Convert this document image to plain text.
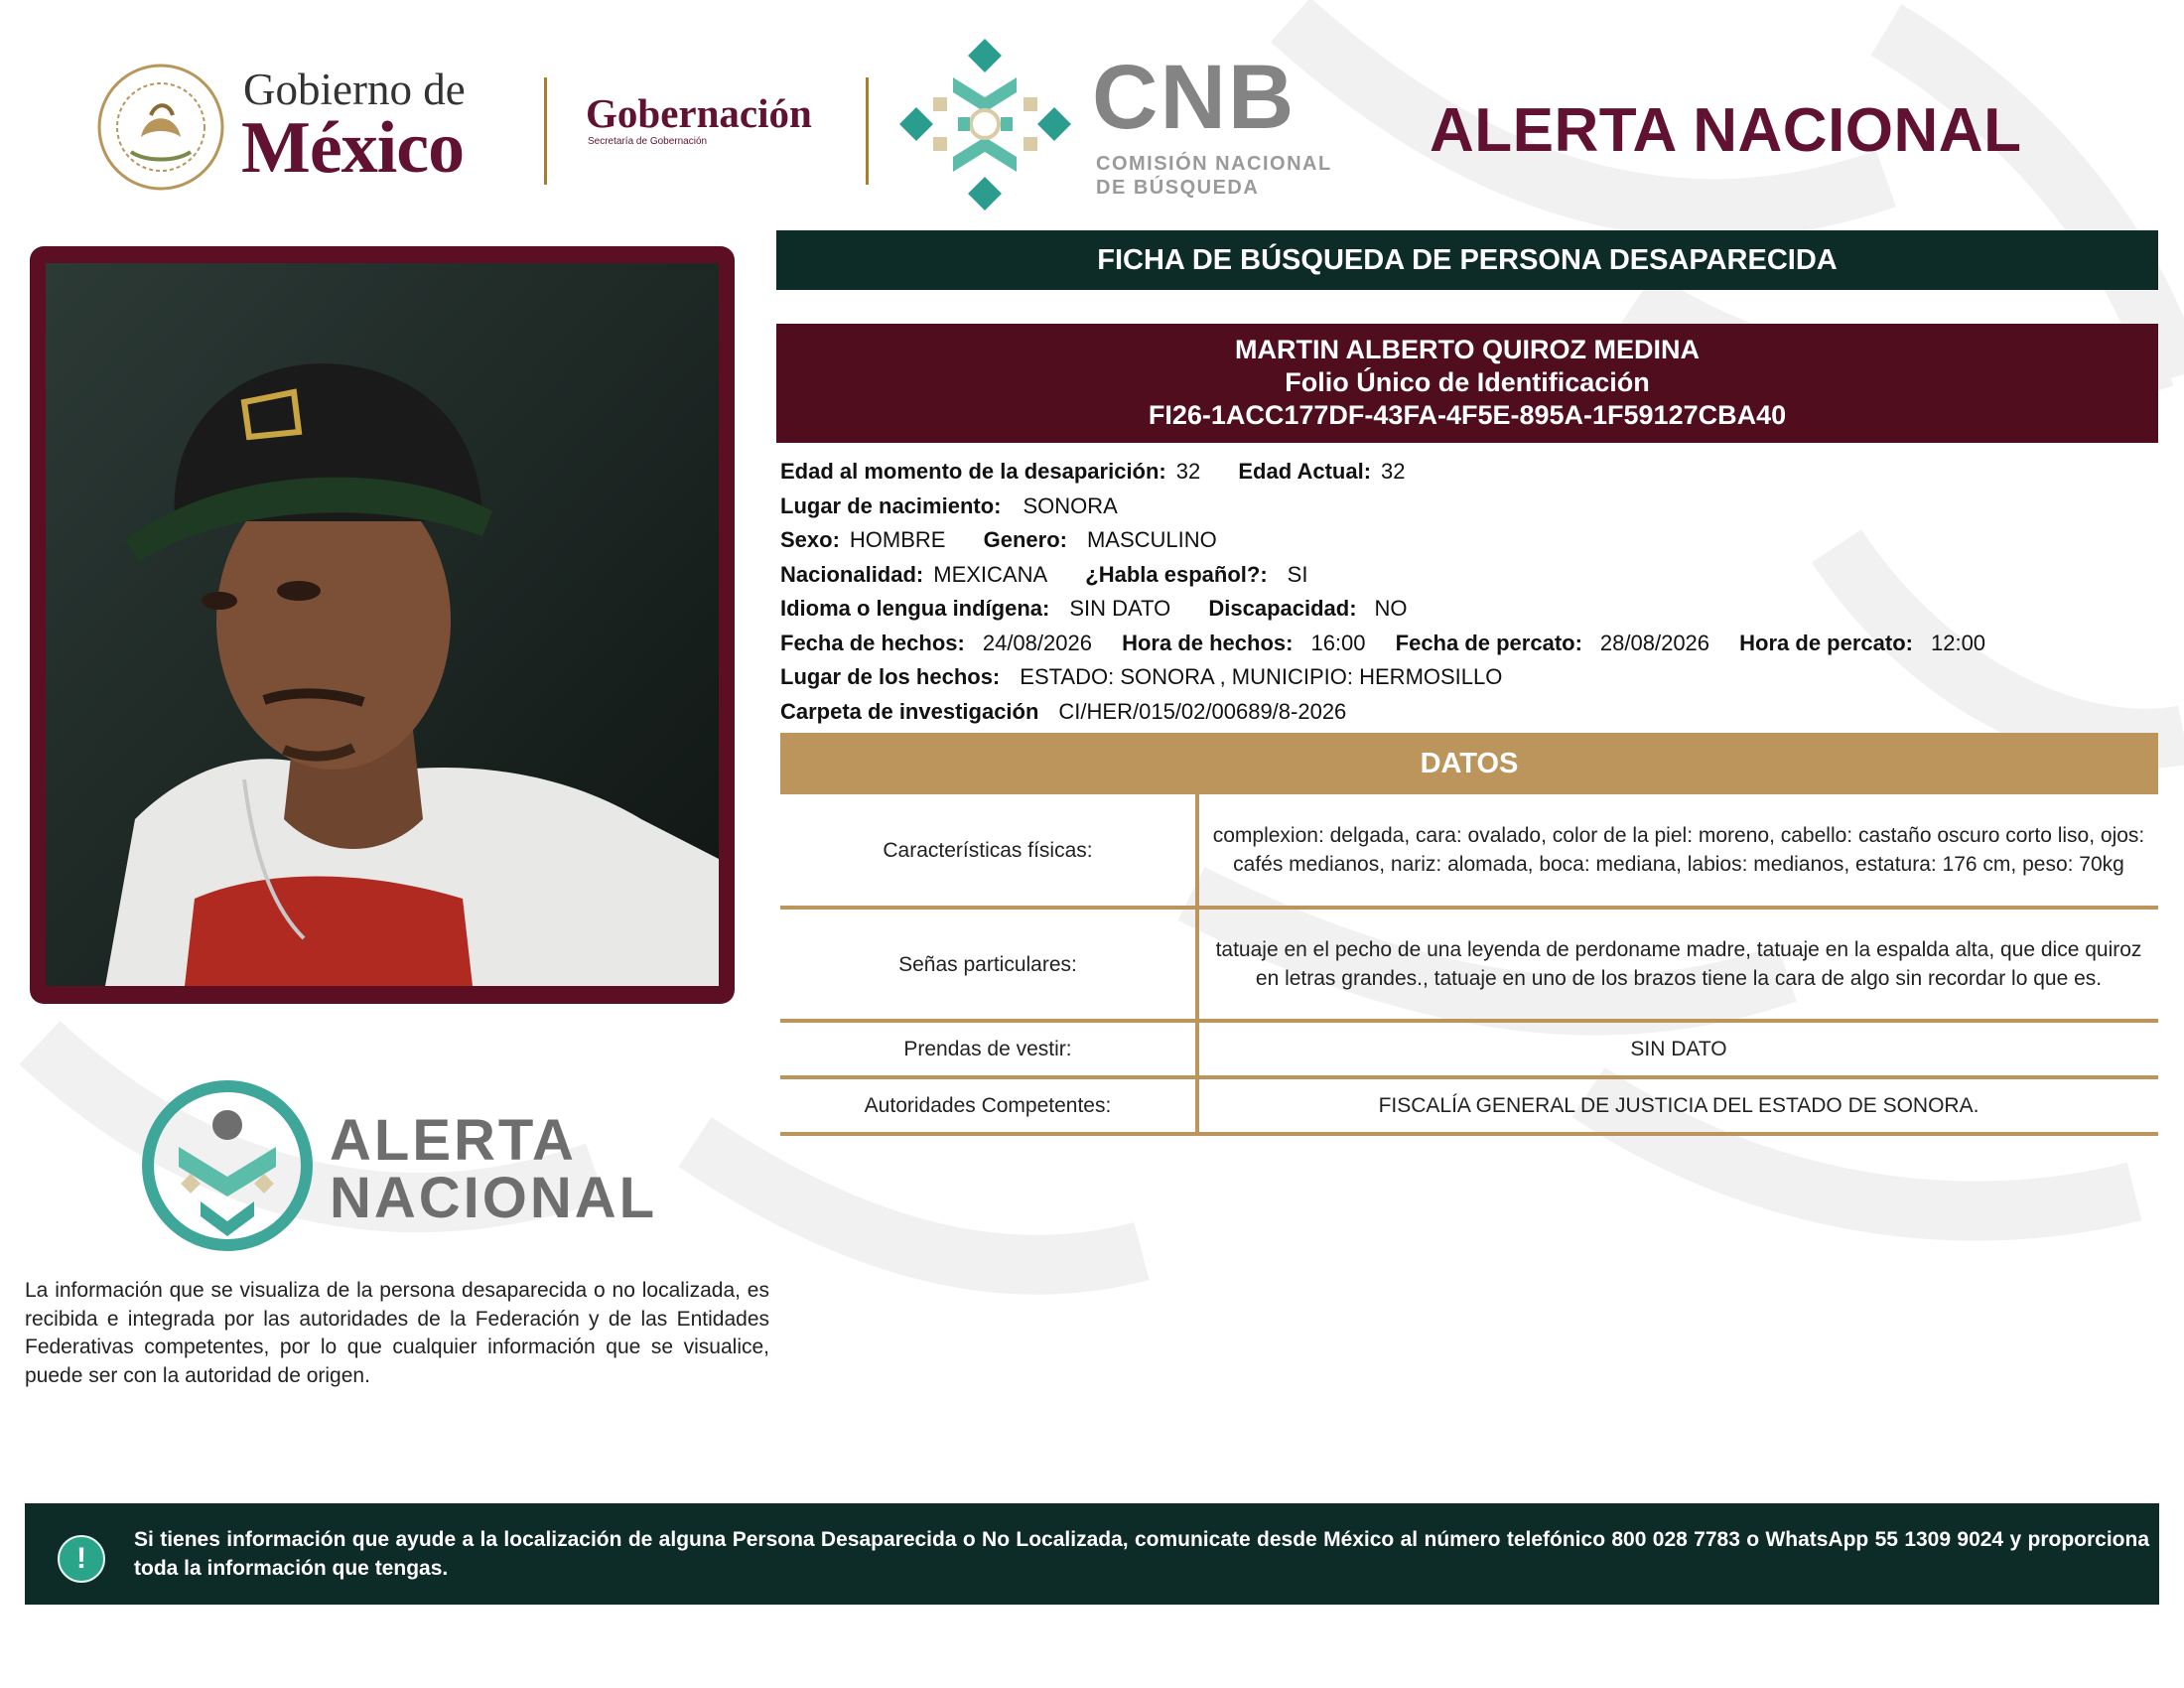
Gobierno de
México	Gobernación
Secretaría de Gobernación	CNB
COMISIÓN NACIONAL
DE BÚSQUEDA
ALERTA NACIONAL
FICHA DE BÚSQUEDA DE PERSONA DESAPARECIDA
MARTIN ALBERTO QUIROZ MEDINA
Folio Único de Identificación
FI26-1ACC177DF-43FA-4F5E-895A-1F59127CBA40
Edad al momento de la desaparición: 32 Edad Actual: 32
Lugar de nacimiento: SONORA
Sexo: HOMBRE Genero: MASCULINO
Nacionalidad: MEXICANA ¿Habla español?: SI
Idioma o lengua indígena: SIN DATO Discapacidad: NO
Fecha de hechos: 24/08/2026 Hora de hechos: 16:00 Fecha de percato: 28/08/2026 Hora de percato: 12:00
Lugar de los hechos: ESTADO: SONORA , MUNICIPIO: HERMOSILLO
Carpeta de investigación CI/HER/015/02/00689/8-2026
DATOS
Características físicas:	complexion: delgada, cara: ovalado, color de la piel: moreno, cabello: castaño oscuro corto liso, ojos: cafés medianos, nariz: alomada, boca: mediana, labios: medianos, estatura: 176 cm, peso: 70kg
Señas particulares:	tatuaje en el pecho de una leyenda de perdoname madre, tatuaje en la espalda alta, que dice quiroz en letras grandes., tatuaje en uno de los brazos tiene la cara de algo sin recordar lo que es.
Prendas de vestir:	SIN DATO
Autoridades Competentes:	FISCALÍA GENERAL DE JUSTICIA DEL ESTADO DE SONORA.
ALERTA
NACIONAL
La información que se visualiza de la persona desaparecida o no localizada, es recibida e integrada por las autoridades de la Federación y de las Entidades Federativas competentes, por lo que cualquier información que se visualice, puede ser con la autoridad de origen.
!
Si tienes información que ayude a la localización de alguna Persona Desaparecida o No Localizada, comunicate desde México al número telefónico 800 028 7783 o WhatsApp 55 1309 9024 y proporciona toda la información que tengas.
